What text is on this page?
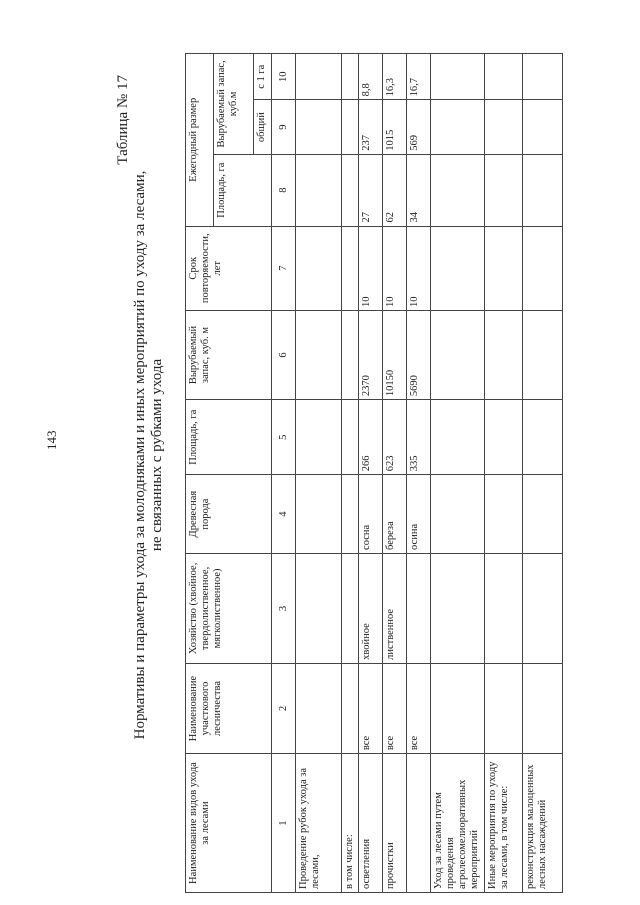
143
Таблица № 17
Нормативы и параметры ухода за молодняками и иных мероприятий по уходу за лесами, не связанных с рубками ухода
Наименование видов ухода за лесами	Наименование участкового лесничества	Хозяйство (хвойное, твердолиственное, мягколиственное)	Древесная порода	Площадь, га	Вырубаемый запас, куб. м	Срок повторяемости, лет	Ежегодный размер		
							Площадь, га	Вырубаемый запас, куб.м	
								общий	с 1 га
1	2	3	4	5	6	7	8	9	10
Проведение рубок ухода за лесами,									
в том числе:									
осветления	все	хвойное	сосна	266	2370	10	27	237	8,8
прочистки	все	лиственное	береза	623	10150	10	62	1015	16,3
	все		осина	335	5690	10	34	569	16,7
Уход за лесами путем проведения агролесомелиоративных мероприятий									
Иные мероприятия по уходу за лесами, в том числе:									
реконструкция малоценных лесных насаждений									
